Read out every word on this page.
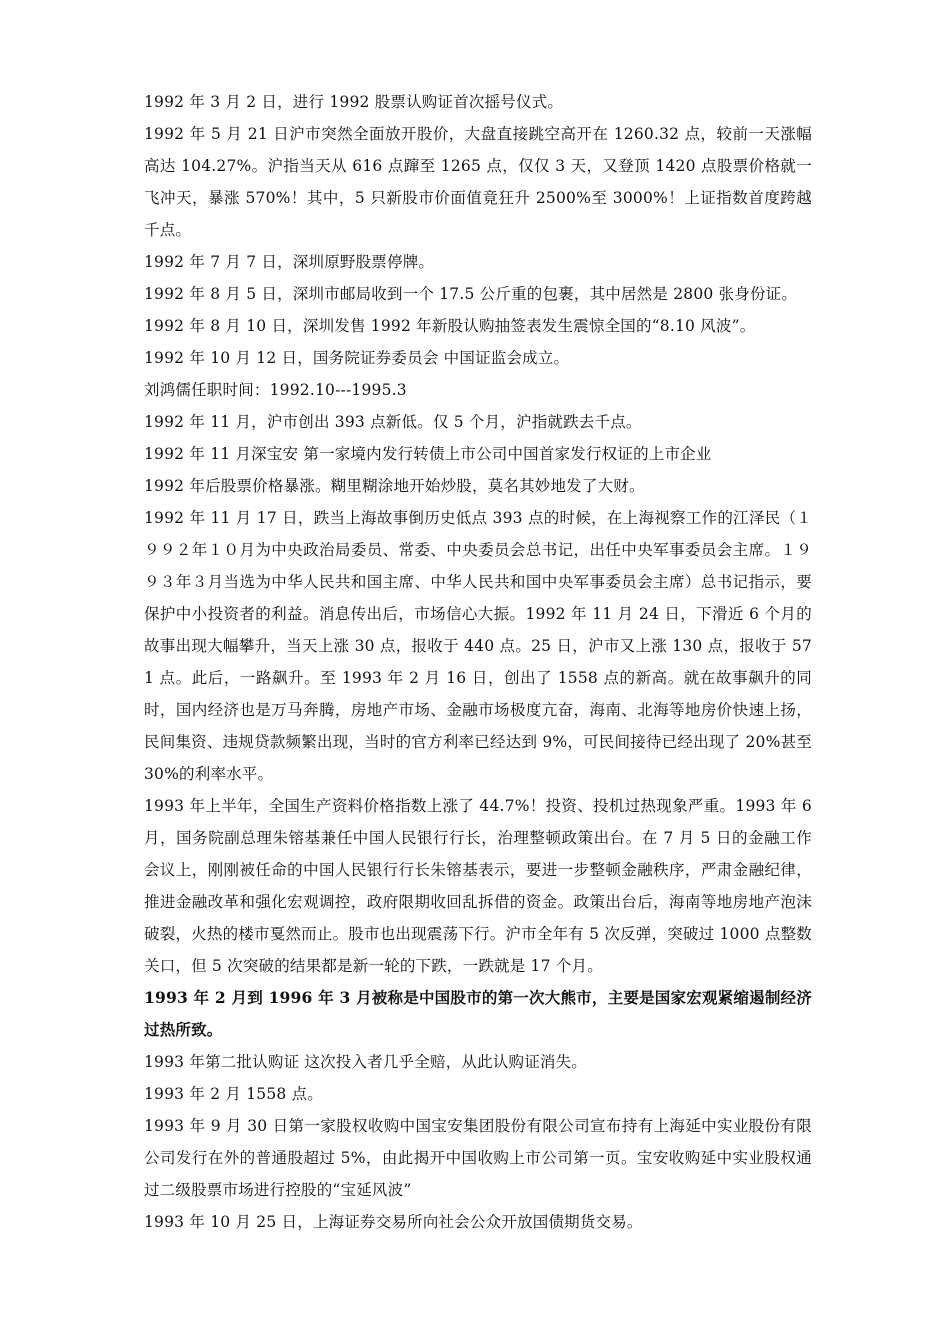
1992 年 3 月 2 日，进行 1992 股票认购证首次摇号仪式。

1992 年 5 月 21 日沪市突然全面放开股价，大盘直接跳空高开在 1260.32 点，较前一天涨幅高达 104.27%。沪指当天从 616 点蹿至 1265 点，仅仅 3 天，又登顶 1420 点股票价格就一飞冲天，暴涨 570%！其中，5 只新股市价面值竟狂升 2500%至 3000%！上证指数首度跨越千点。

1992 年 7 月 7 日，深圳原野股票停牌。

1992 年 8 月 5 日，深圳市邮局收到一个 17.5 公斤重的包裹，其中居然是 2800 张身份证。

1992 年 8 月 10 日，深圳发售 1992 年新股认购抽签表发生震惊全国的“8.10 风波”。

1992 年 10 月 12 日，国务院证券委员会 中国证监会成立。

刘鸿儒任职时间：1992.10---1995.3

1992 年 11 月，沪市创出 393 点新低。仅 5 个月，沪指就跌去千点。

1992 年 11 月深宝安 第一家境内发行转债上市公司中国首家发行权证的上市企业

1992 年后股票价格暴涨。糊里糊涂地开始炒股，莫名其妙地发了大财。

1992 年 11 月 17 日，跌当上海故事倒历史低点 393 点的时候，在上海视察工作的江泽民（１９９２年１０月为中央政治局委员、常委、中央委员会总书记，出任中央军事委员会主席。１９９３年３月当选为中华人民共和国主席、中华人民共和国中央军事委员会主席）总书记指示，要保护中小投资者的利益。消息传出后，市场信心大振。1992 年 11 月 24 日，下滑近 6 个月的故事出现大幅攀升，当天上涨 30 点，报收于 440 点。25 日，沪市又上涨 130 点，报收于 571 点。此后，一路飙升。至 1993 年 2 月 16 日，创出了 1558 点的新高。就在故事飙升的同时，国内经济也是万马奔腾，房地产市场、金融市场极度亢奋，海南、北海等地房价快速上扬，民间集资、违规贷款频繁出现，当时的官方利率已经达到 9%，可民间接待已经出现了 20%甚至 30%的利率水平。

1993 年上半年，全国生产资料价格指数上涨了 44.7%！投资、投机过热现象严重。1993 年 6 月，国务院副总理朱镕基兼任中国人民银行行长，治理整顿政策出台。在 7 月 5 日的金融工作会议上，刚刚被任命的中国人民银行行长朱镕基表示，要进一步整顿金融秩序，严肃金融纪律，推进金融改革和强化宏观调控，政府限期收回乱拆借的资金。政策出台后，海南等地房地产泡沫破裂，火热的楼市戛然而止。股市也出现震荡下行。沪市全年有 5 次反弹，突破过 1000 点整数关口，但 5 次突破的结果都是新一轮的下跌，一跌就是 17 个月。

1993 年 2 月到 1996 年 3 月被称是中国股市的第一次大熊市，主要是国家宏观紧缩遏制经济过热所致。

1993 年第二批认购证 这次投入者几乎全赔，从此认购证消失。

1993 年 2 月 1558 点。

1993 年 9 月 30 日第一家股权收购中国宝安集团股份有限公司宣布持有上海延中实业股份有限公司发行在外的普通股超过 5%，由此揭开中国收购上市公司第一页。宝安收购延中实业股权通过二级股票市场进行控股的“宝延风波”

1993 年 10 月 25 日，上海证券交易所向社会公众开放国债期货交易。
